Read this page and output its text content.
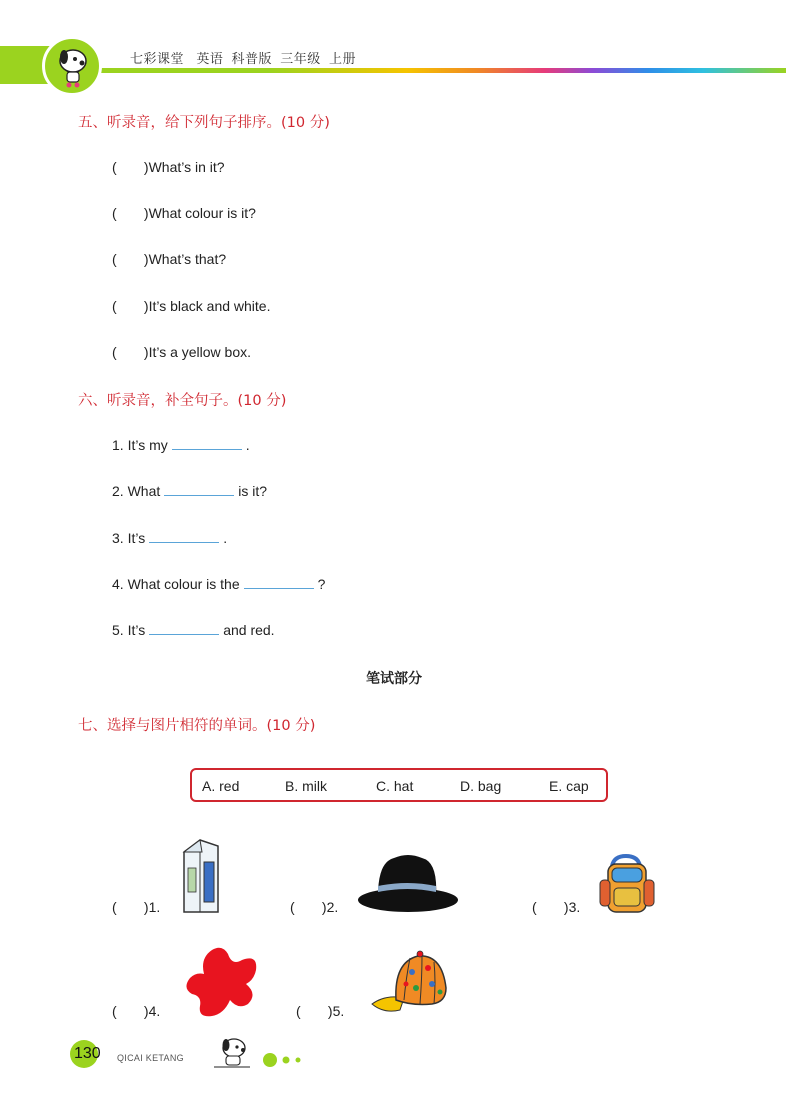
七彩课堂   英语  科普版  三年级  上册
五、听录音，给下列句子排序。(10 分)
(       )What’s in it?
(       )What colour is it?
(       )What’s that?
(       )It’s black and white.
(       )It’s a yellow box.
六、听录音，补全句子。(10 分)
1. It’s my	.
2. What	is it?
3. It’s	.
4. What colour is the	?
5. It’s	and red.
笔试部分
七、选择与图片相符的单词。(10 分)
A. red	B. milk	C. hat	D. bag	E. cap
(       )1.	(       )2.	(       )3.
(       )4.	(       )5.
130 QICAI KETANG
